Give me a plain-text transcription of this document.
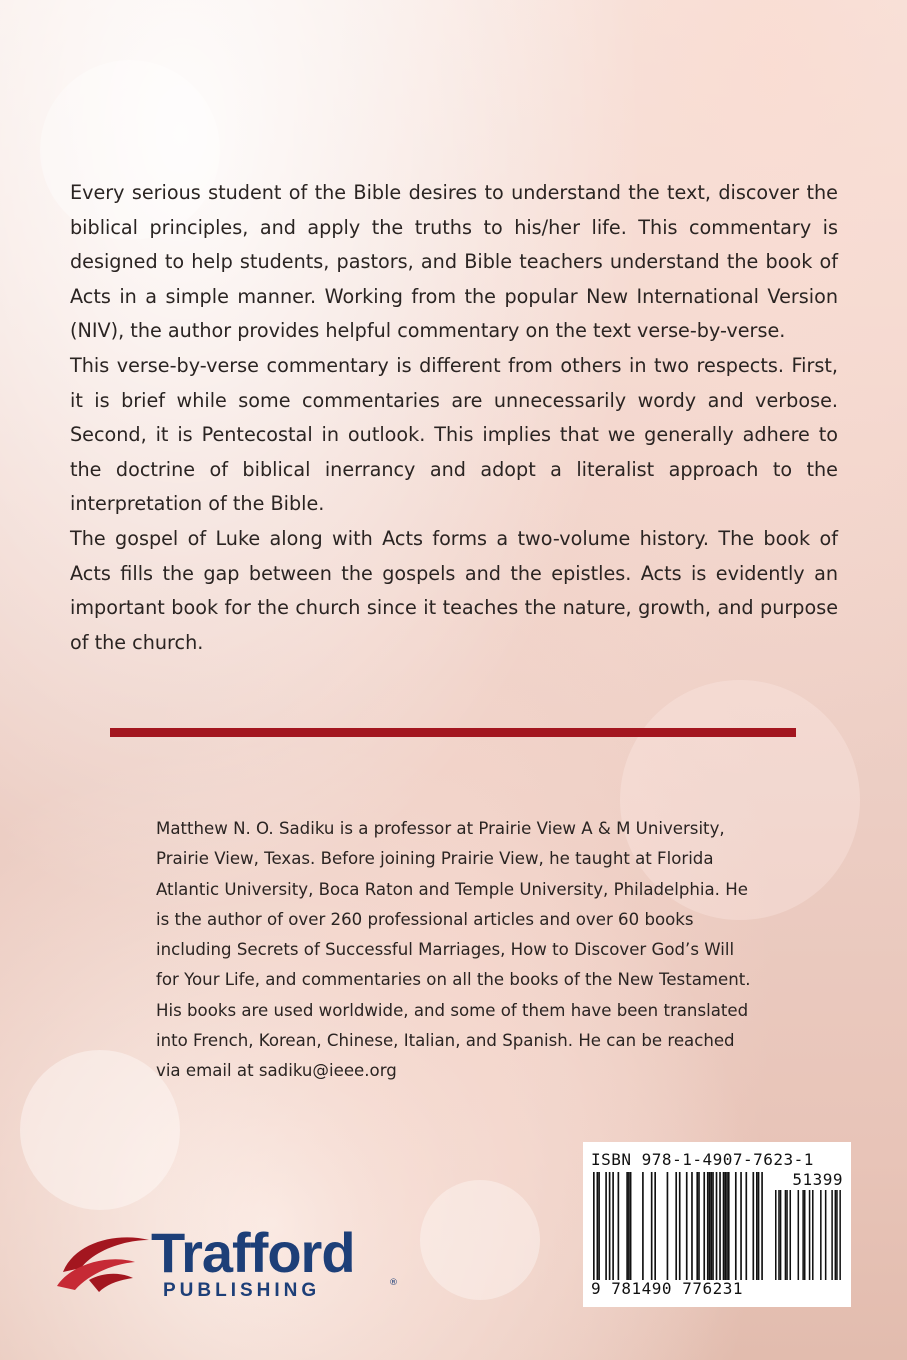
Every serious student of the Bible desires to understand the text, discover the biblical principles, and apply the truths to his/her life. This commentary is designed to help students, pastors, and Bible teachers understand the book of Acts in a simple manner. Working from the popular New International Version (NIV), the author provides helpful commentary on the text verse-by-verse.

This verse-by-verse commentary is different from others in two respects. First, it is brief while some commentaries are unnecessarily wordy and verbose. Second, it is Pentecostal in outlook. This implies that we generally adhere to the doctrine of biblical inerrancy and adopt a literalist approach to the interpretation of the Bible.

The gospel of Luke along with Acts forms a two-volume history. The book of Acts fills the gap between the gospels and the epistles. Acts is evidently an important book for the church since it teaches the nature, growth, and purpose of the church.

Matthew N. O. Sadiku is a professor at Prairie View A & M University, Prairie View, Texas. Before joining Prairie View, he taught at Florida Atlantic University, Boca Raton and Temple University, Philadelphia. He is the author of over 260 professional articles and over 60 books including Secrets of Successful Marriages, How to Discover God’s Will for Your Life, and commentaries on all the books of the New Testament. His books are used worldwide, and some of them have been translated into French, Korean, Chinese, Italian, and Spanish. He can be reached via email at sadiku@ieee.org
ISBN 978-1-4907-7623-1
51399
9 781490 776231
Trafford
PUBLISHING	®
